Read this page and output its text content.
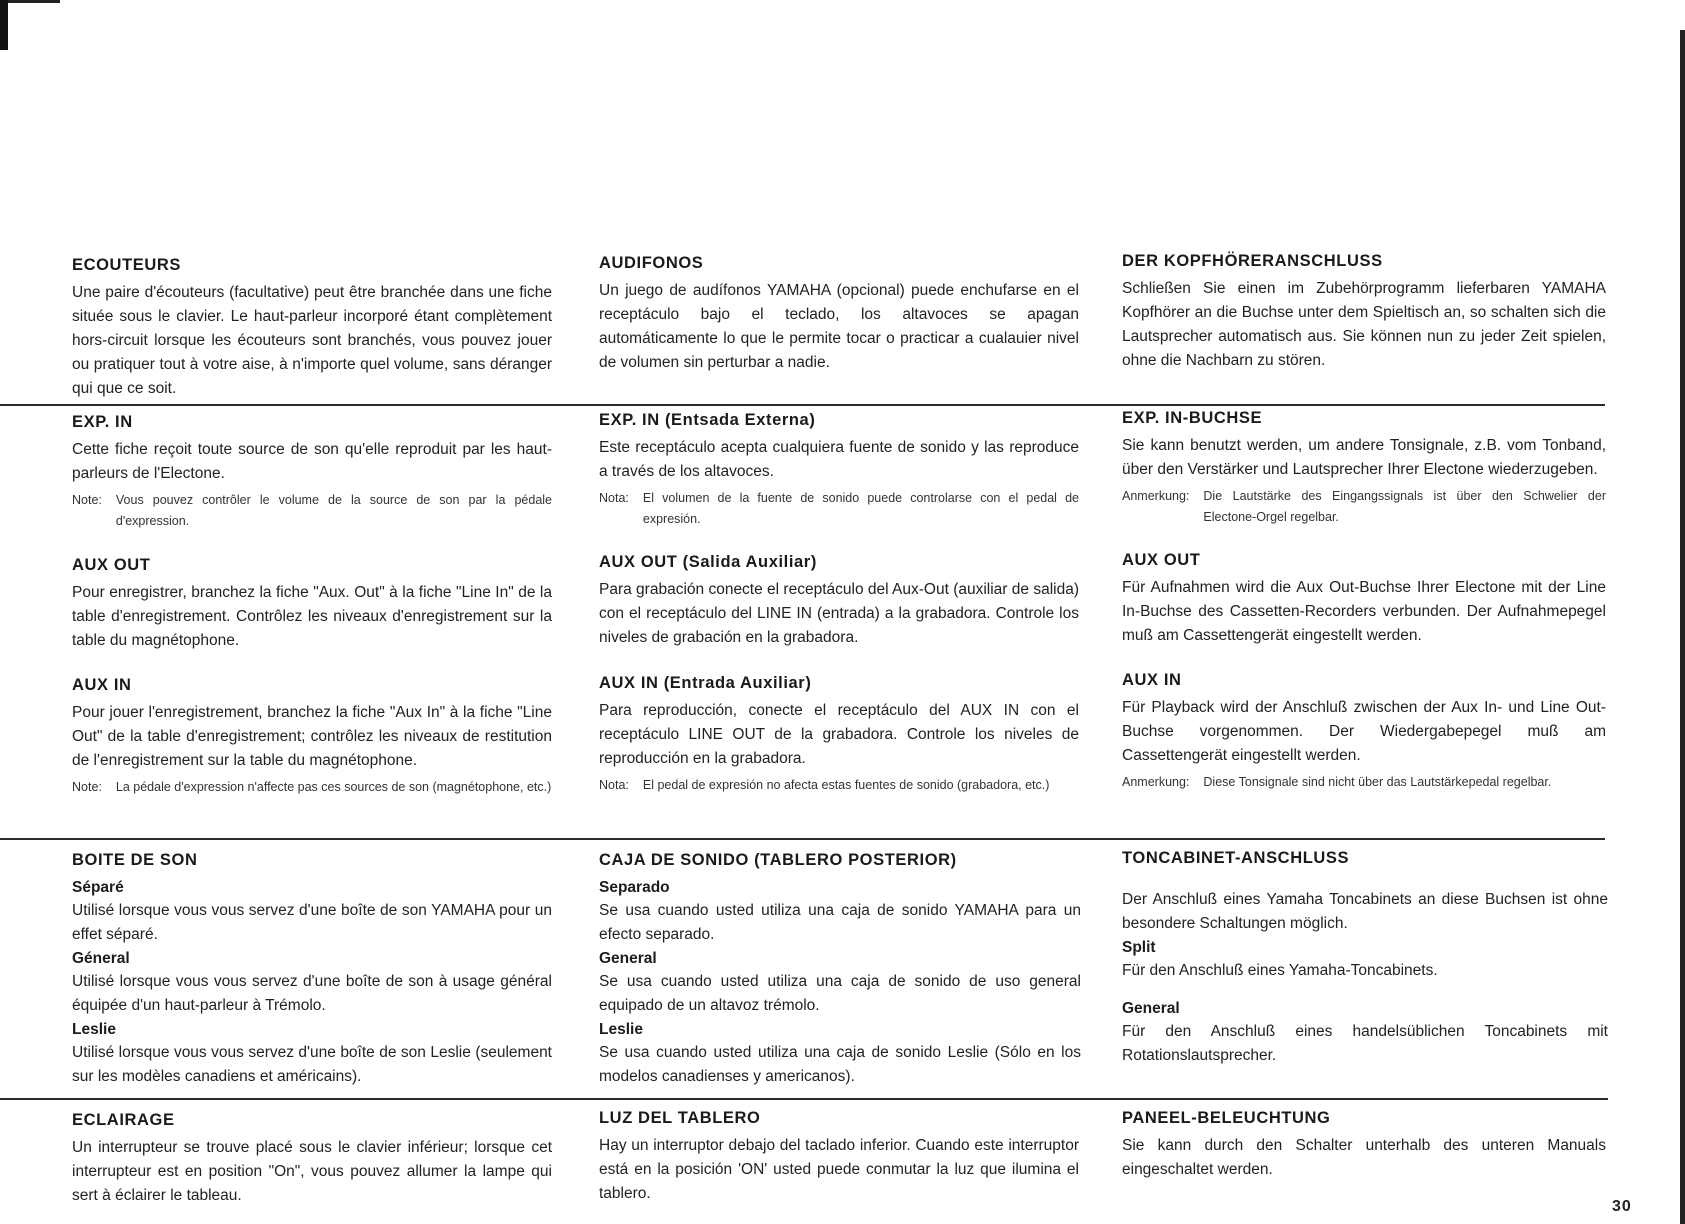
ECOUTEURS

Une paire d'écouteurs (facultative) peut être branchée dans une fiche située sous le clavier. Le haut-parleur incorporé étant complètement hors-circuit lorsque les écouteurs sont branchés, vous pouvez jouer ou pratiquer tout à votre aise, à n'importe quel volume, sans déranger qui que ce soit.

EXP. IN

Cette fiche reçoit toute source de son qu'elle reproduit par les haut-parleurs de l'Electone.

Note: Vous pouvez contrôler le volume de la source de son par la pédale d'expression.
AUX OUT

Pour enregistrer, branchez la fiche "Aux. Out" à la fiche "Line In" de la table d'enregistrement. Contrôlez les niveaux d'enregistrement sur la table du magnétophone.

AUX IN

Pour jouer l'enregistrement, branchez la fiche "Aux In" à la fiche "Line Out" de la table d'enregistrement; contrôlez les niveaux de restitution de l'enregistrement sur la table du magnétophone.

Note: La pédale d'expression n'affecte pas ces sources de son (magnétophone, etc.)
BOITE DE SON
Séparé

Utilisé lorsque vous vous servez d'une boîte de son YAMAHA pour un effet séparé.

Géneral

Utilisé lorsque vous vous servez d'une boîte de son à usage général équipée d'un haut-parleur à Trémolo.

Leslie

Utilisé lorsque vous vous servez d'une boîte de son Leslie (seulement sur les modèles canadiens et américains).

ECLAIRAGE

Un interrupteur se trouve placé sous le clavier inférieur; lorsque cet interrupteur est en position "On", vous pouvez allumer la lampe qui sert à éclairer le tableau.

AUDIFONOS

Un juego de audífonos YAMAHA (opcional) puede enchufarse en el receptáculo bajo el teclado, los altavoces se apagan automáticamente lo que le permite tocar o practicar a cualauier nivel de volumen sin perturbar a nadie.

EXP. IN (Entsada Externa)

Este receptáculo acepta cualquiera fuente de sonido y las reproduce a través de los altavoces.

Nota: El volumen de la fuente de sonido puede controlarse con el pedal de expresión.
AUX OUT (Salida Auxiliar)

Para grabación conecte el receptáculo del Aux-Out (auxiliar de salida) con el receptáculo del LINE IN (entrada) a la grabadora. Controle los niveles de grabación en la grabadora.

AUX IN (Entrada Auxiliar)

Para reproducción, conecte el receptáculo del AUX IN con el receptáculo LINE OUT de la grabadora. Controle los niveles de reproducción en la grabadora.

Nota: El pedal de expresión no afecta estas fuentes de sonido (grabadora, etc.)
CAJA DE SONIDO (TABLERO POSTERIOR)
Separado

Se usa cuando usted utiliza una caja de sonido YAMAHA para un efecto separado.

General

Se usa cuando usted utiliza una caja de sonido de uso general equipado de un altavoz trémolo.

Leslie

Se usa cuando usted utiliza una caja de sonido Leslie (Sólo en los modelos canadienses y americanos).

LUZ DEL TABLERO

Hay un interruptor debajo del taclado inferior. Cuando este interruptor está en la posición 'ON' usted puede conmutar la luz que ilumina el tablero.

DER KOPFHÖRERANSCHLUSS

Schließen Sie einen im Zubehörprogramm lieferbaren YAMAHA Kopfhörer an die Buchse unter dem Spieltisch an, so schalten sich die Lautsprecher automatisch aus. Sie können nun zu jeder Zeit spielen, ohne die Nachbarn zu stören.

EXP. IN-BUCHSE

Sie kann benutzt werden, um andere Tonsignale, z.B. vom Tonband, über den Verstärker und Lautsprecher Ihrer Electone wiederzugeben.

Anmerkung: Die Lautstärke des Eingangssignals ist über den Schwelier der Electone-Orgel regelbar.
AUX OUT

Für Aufnahmen wird die Aux Out-Buchse Ihrer Electone mit der Line In-Buchse des Cassetten-Recorders verbunden. Der Aufnahmepegel muß am Cassettengerät eingestellt werden.

AUX IN

Für Playback wird der Anschluß zwischen der Aux In- und Line Out-Buchse vorgenommen. Der Wiedergabepegel muß am Cassettengerät eingestellt werden.

Anmerkung: Diese Tonsignale sind nicht über das Lautstärkepedal regelbar.
TONCABINET-ANSCHLUSS

Der Anschluß eines Yamaha Toncabinets an diese Buchsen ist ohne besondere Schaltungen möglich.

Split

Für den Anschluß eines Yamaha-Toncabinets.

General

Für den Anschluß eines handelsüblichen Toncabinets mit Rotationslautsprecher.

PANEEL-BELEUCHTUNG

Sie kann durch den Schalter unterhalb des unteren Manuals eingeschaltet werden.

30
